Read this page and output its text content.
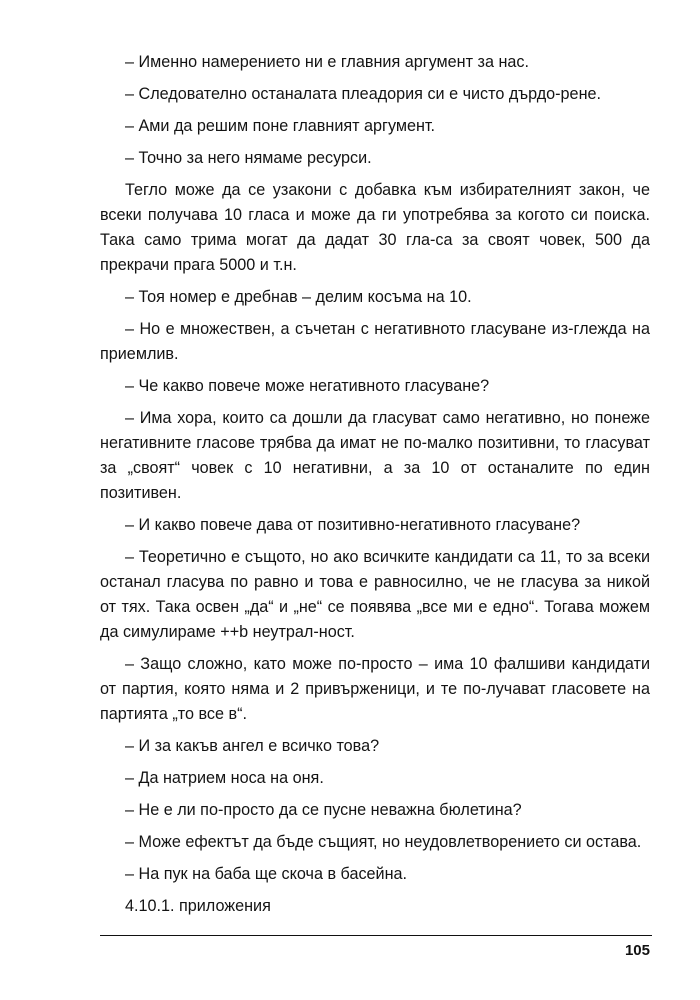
– Именно намерението ни е главния аргумент за нас.

– Следователно останалата плеадория си е чисто дърдо-рене.

– Ами да решим поне главният аргумент.

– Точно за него нямаме ресурси.

Тегло може да се узакони с добавка към избирателният закон, че всеки получава 10 гласа и може да ги употребява за когото си поиска. Така само трима могат да дадат 30 гла-са за своят човек, 500 да прекрачи прага 5000 и т.н.

– Тоя номер е дребнав – делим косъма на 10.

– Но е множествен, а съчетан с негативното гласуване из-глежда на приемлив.

– Че какво повече може негативното гласуване?

– Има хора, които са дошли да гласуват само негативно, но понеже негативните гласове трябва да имат не по-малко позитивни, то гласуват за „своят“ човек с 10 негативни, а за 10 от останалите по един позитивен.

– И какво повече дава от позитивно-негативното гласуване?

– Теоретично е същото, но ако всичките кандидати са 11, то за всеки останал гласува по равно и това е равносилно, че не гласува за никой от тях. Така освен „да“ и „не“ се появява „все ми е едно“. Тогава можем да симулираме ++b неутрал-ност.

– Защо сложно, като може по-просто – има 10 фалшиви кандидати от партия, която няма и 2 привърженици, и те по-лучават гласовете на партията „то все в“.

– И за какъв ангел е всичко това?

– Да натрием носа на оня.

– Не е ли по-просто да се пусне неважна бюлетина?

– Може ефектът да бъде същият, но неудовлетворението си остава.

– На пук на баба ще скоча в басейна.

4.10.1. приложения

105
